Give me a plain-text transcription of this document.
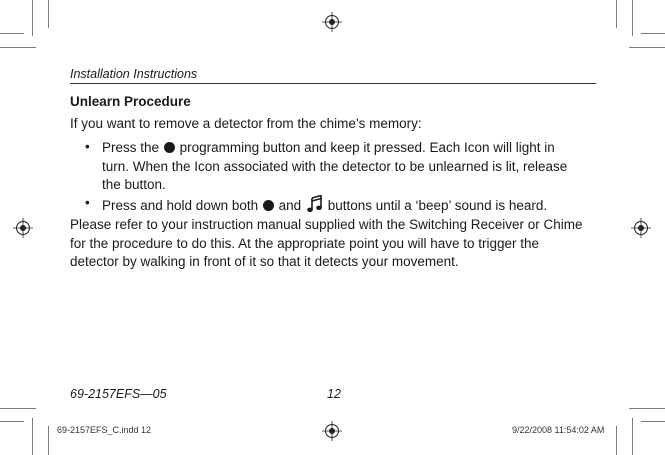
Installation Instructions
Unlearn Procedure
If you want to remove a detector from the chime’s memory:
• Press the programming button and keep it pressed. Each Icon will light in
turn. When the Icon associated with the detector to be unlearned is lit, release
the button.
• Press and hold down both and buttons until a ‘beep’ sound is heard.
Please refer to your instruction manual supplied with the Switching Receiver or Chime
for the procedure to do this. At the appropriate point you will have to trigger the
detector by walking in front of it so that it detects your movement.
69-2157EFS—05	12
69-2157EFS_C.indd 12	9/22/2008 11:54:02 AM
